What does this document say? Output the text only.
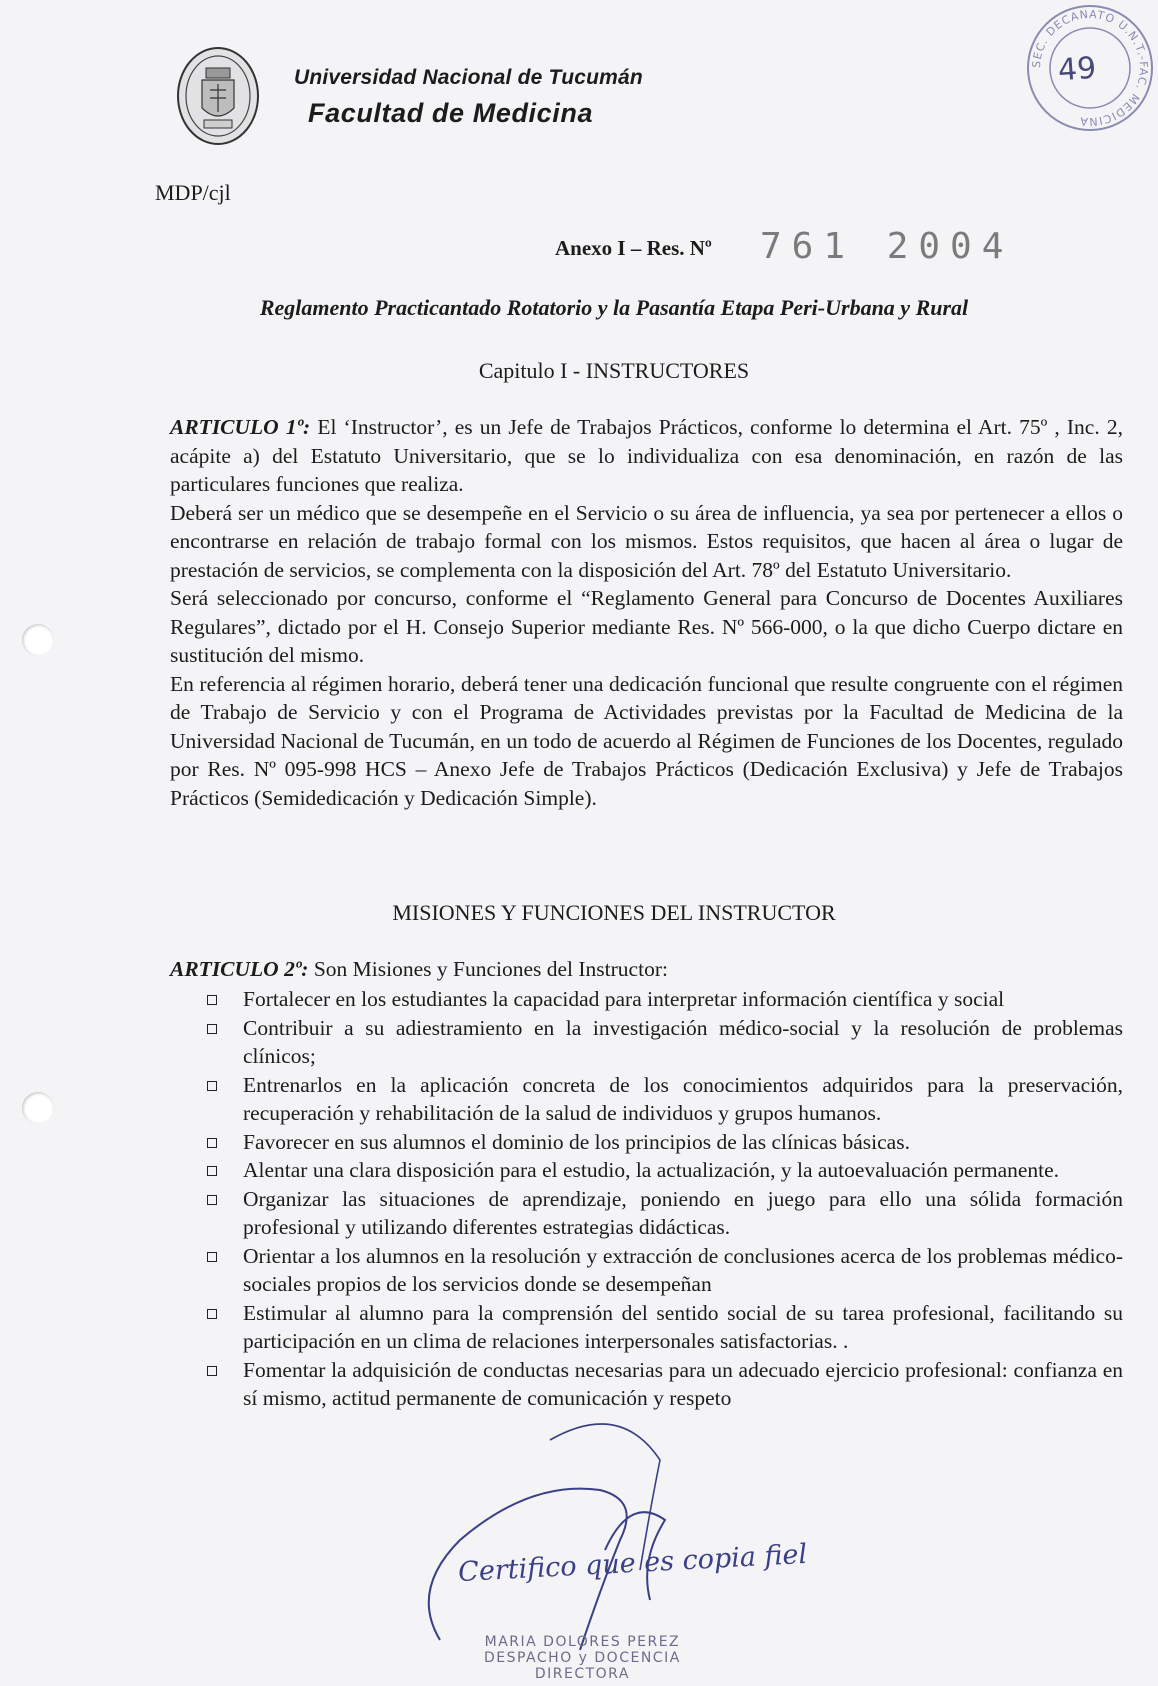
Universidad Nacional de Tucumán
Facultad de Medicina
MDP/cjl
SEC. DECANATO U.N.T.-FAC. MEDICINA
49
Anexo I – Res. Nº 761 2004
Reglamento Practicantado Rotatorio y la Pasantía Etapa Peri-Urbana y Rural
Capitulo I - INSTRUCTORES

ARTICULO 1º: El ‘Instructor’, es un Jefe de Trabajos Prácticos, conforme lo determina el Art. 75º , Inc. 2, acápite a) del Estatuto Universitario, que se lo individualiza con esa denominación, en razón de las particulares funciones que realiza.

Deberá ser un médico que se desempeñe en el Servicio o su área de influencia, ya sea por pertenecer a ellos o encontrarse en relación de trabajo formal con los mismos. Estos requisitos, que hacen al área o lugar de prestación de servicios, se complementa con la disposición del Art. 78º del Estatuto Universitario.

Será seleccionado por concurso, conforme el “Reglamento General para Concurso de Docentes Auxiliares Regulares”, dictado por el H. Consejo Superior mediante Res. Nº 566-000, o la que dicho Cuerpo dictare en sustitución del mismo.

En referencia al régimen horario, deberá tener una dedicación funcional que resulte congruente con el régimen de Trabajo de Servicio y con el Programa de Actividades previstas por la Facultad de Medicina de la Universidad Nacional de Tucumán, en un todo de acuerdo al Régimen de Funciones de los Docentes, regulado por Res. Nº 095-998 HCS – Anexo Jefe de Trabajos Prácticos (Dedicación Exclusiva) y Jefe de Trabajos Prácticos (Semidedicación y Dedicación Simple).

MISIONES Y FUNCIONES DEL INSTRUCTOR

ARTICULO 2º: Son Misiones y Funciones del Instructor:

Fortalecer en los estudiantes la capacidad para interpretar información científica y social
Contribuir a su adiestramiento en la investigación médico-social y la resolución de problemas clínicos;
Entrenarlos en la aplicación concreta de los conocimientos adquiridos para la preservación, recuperación y rehabilitación de la salud de individuos y grupos humanos.
Favorecer en sus alumnos el dominio de los principios de las clínicas básicas.
Alentar una clara disposición para el estudio, la actualización, y la autoevaluación permanente.
Organizar las situaciones de aprendizaje, poniendo en juego para ello una sólida formación profesional y utilizando diferentes estrategias didácticas.
Orientar a los alumnos en la resolución y extracción de conclusiones acerca de los problemas médico-sociales propios de los servicios donde se desempeñan
Estimular al alumno para la comprensión del sentido social de su tarea profesional, facilitando su participación en un clima de relaciones interpersonales satisfactorias. .
Fomentar la adquisición de conductas necesarias para un adecuado ejercicio profesional: confianza en sí mismo, actitud permanente de comunicación y respeto
Certifico que es copia fiel
MARIA DOLORES PEREZ
DESPACHO y DOCENCIA
DIRECTORA
